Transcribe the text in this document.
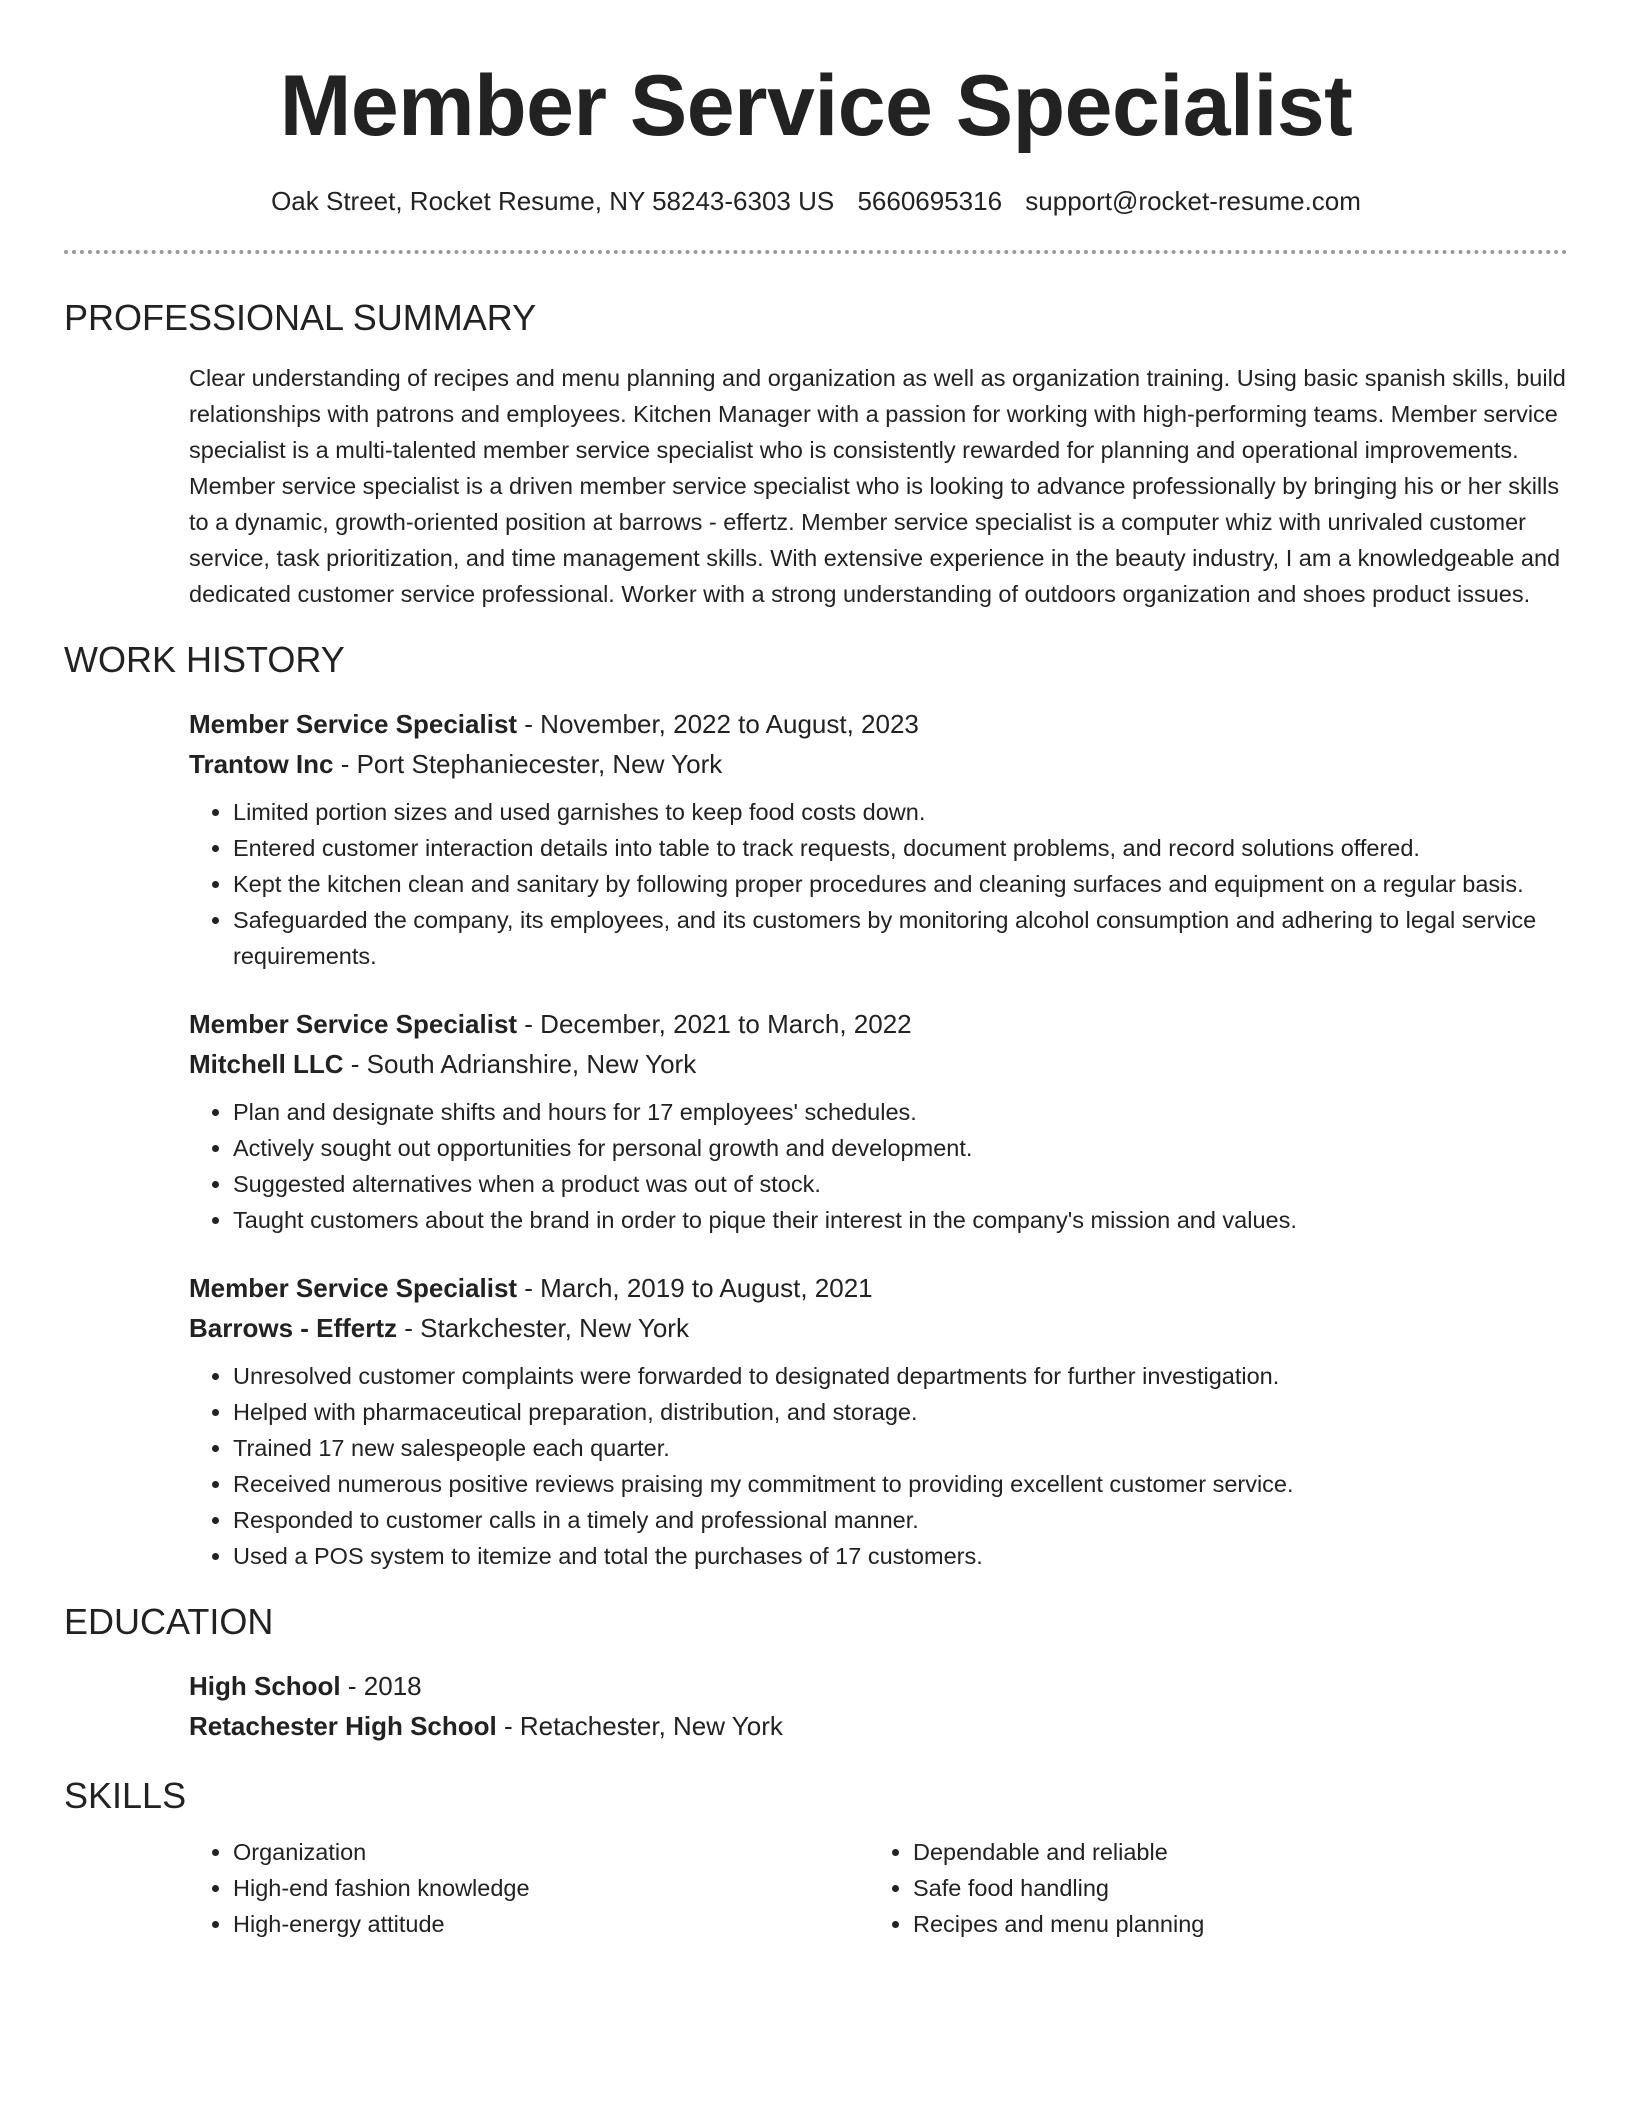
Member Service Specialist
Oak Street, Rocket Resume, NY 58243-6303 US 5660695316 support@rocket-resume.com
PROFESSIONAL SUMMARY
Clear understanding of recipes and menu planning and organization as well as organization training. Using basic spanish skills, build relationships with patrons and employees. Kitchen Manager with a passion for working with high-performing teams. Member service specialist is a multi-talented member service specialist who is consistently rewarded for planning and operational improvements. Member service specialist is a driven member service specialist who is looking to advance professionally by bringing his or her skills to a dynamic, growth-oriented position at barrows - effertz. Member service specialist is a computer whiz with unrivaled customer service, task prioritization, and time management skills. With extensive experience in the beauty industry, I am a knowledgeable and dedicated customer service professional. Worker with a strong understanding of outdoors organization and shoes product issues.
WORK HISTORY
Member Service Specialist - November, 2022 to August, 2023
Trantow Inc - Port Stephaniecester, New York
• Limited portion sizes and used garnishes to keep food costs down.
• Entered customer interaction details into table to track requests, document problems, and record solutions offered.
• Kept the kitchen clean and sanitary by following proper procedures and cleaning surfaces and equipment on a regular basis.
• Safeguarded the company, its employees, and its customers by monitoring alcohol consumption and adhering to legal service requirements.
Member Service Specialist - December, 2021 to March, 2022
Mitchell LLC - South Adrianshire, New York
• Plan and designate shifts and hours for 17 employees' schedules.
• Actively sought out opportunities for personal growth and development.
• Suggested alternatives when a product was out of stock.
• Taught customers about the brand in order to pique their interest in the company's mission and values.
Member Service Specialist - March, 2019 to August, 2021
Barrows - Effertz - Starkchester, New York
• Unresolved customer complaints were forwarded to designated departments for further investigation.
• Helped with pharmaceutical preparation, distribution, and storage.
• Trained 17 new salespeople each quarter.
• Received numerous positive reviews praising my commitment to providing excellent customer service.
• Responded to customer calls in a timely and professional manner.
• Used a POS system to itemize and total the purchases of 17 customers.
EDUCATION
High School - 2018
Retachester High School - Retachester, New York
SKILLS
• Organization
• High-end fashion knowledge
• High-energy attitude
• Dependable and reliable
• Safe food handling
• Recipes and menu planning
